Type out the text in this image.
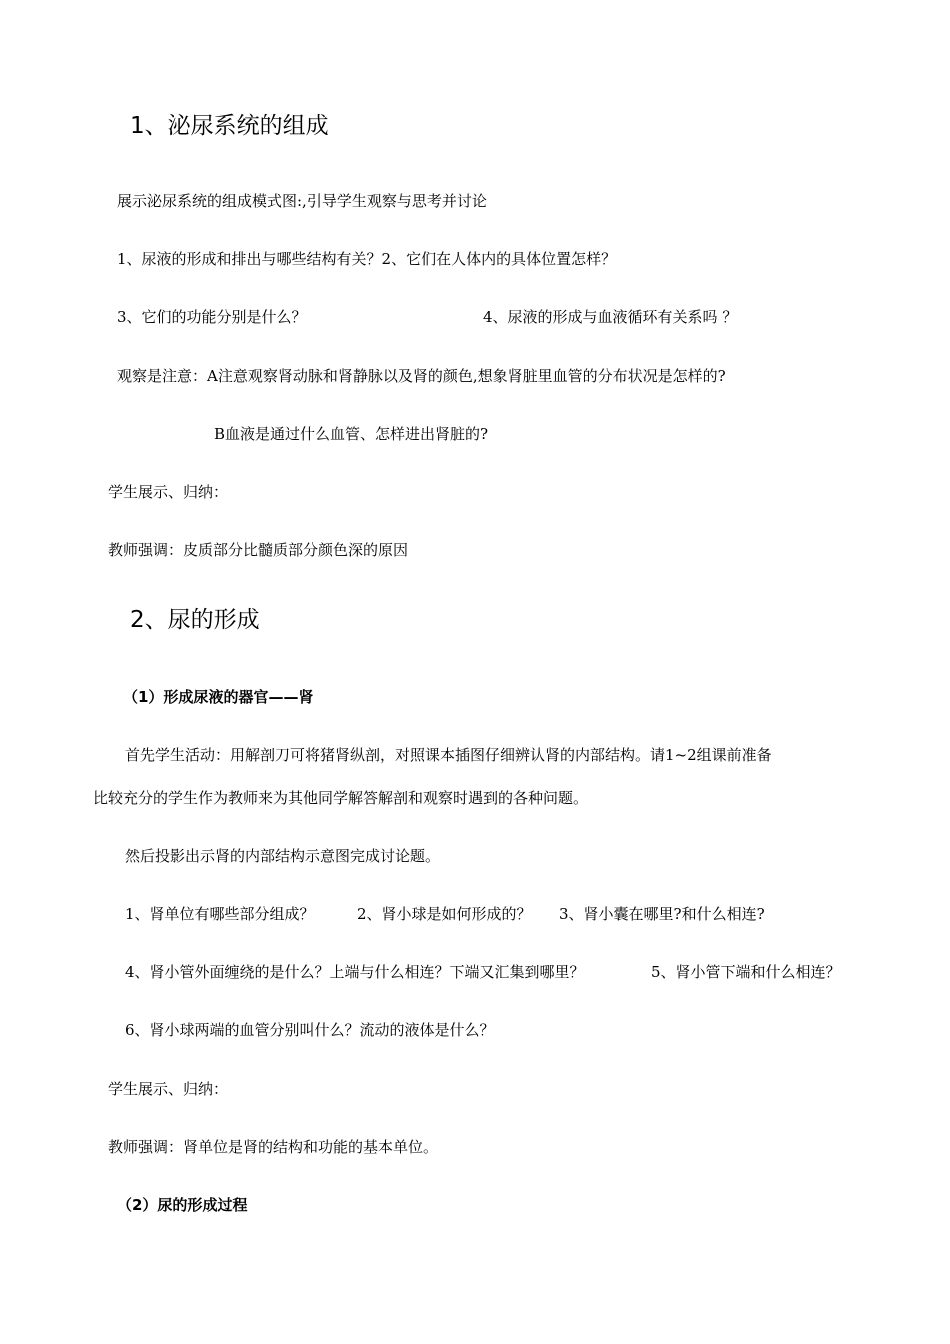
1、泌尿系统的组成
展示泌尿系统的组成模式图:,引导学生观察与思考并讨论
1、尿液的形成和排出与哪些结构有关？2、它们在人体内的具体位置怎样？
3、它们的功能分别是什么？	4、尿液的形成与血液循环有关系吗 ？
观察是注意：A注意观察肾动脉和肾静脉以及肾的颜色,想象肾脏里血管的分布状况是怎样的?
B血液是通过什么血管、怎样进出肾脏的?
学生展示、归纳：
教师强调：皮质部分比髓质部分颜色深的原因
2、尿的形成
（1）形成尿液的器官——肾
首先学生活动：用解剖刀可将猪肾纵剖，对照课本插图仔细辨认肾的内部结构。请1~2组课前准备
比较充分的学生作为教师来为其他同学解答解剖和观察时遇到的各种问题。
然后投影出示肾的内部结构示意图完成讨论题。
1、肾单位有哪些部分组成？	2、肾小球是如何形成的？ 3、肾小囊在哪里?和什么相连?
4、肾小管外面缠绕的是什么？上端与什么相连？下端又汇集到哪里？	5、肾小管下端和什么相连？
6、肾小球两端的血管分别叫什么？流动的液体是什么？
学生展示、归纳：
教师强调：肾单位是肾的结构和功能的基本单位。
（2）尿的形成过程
